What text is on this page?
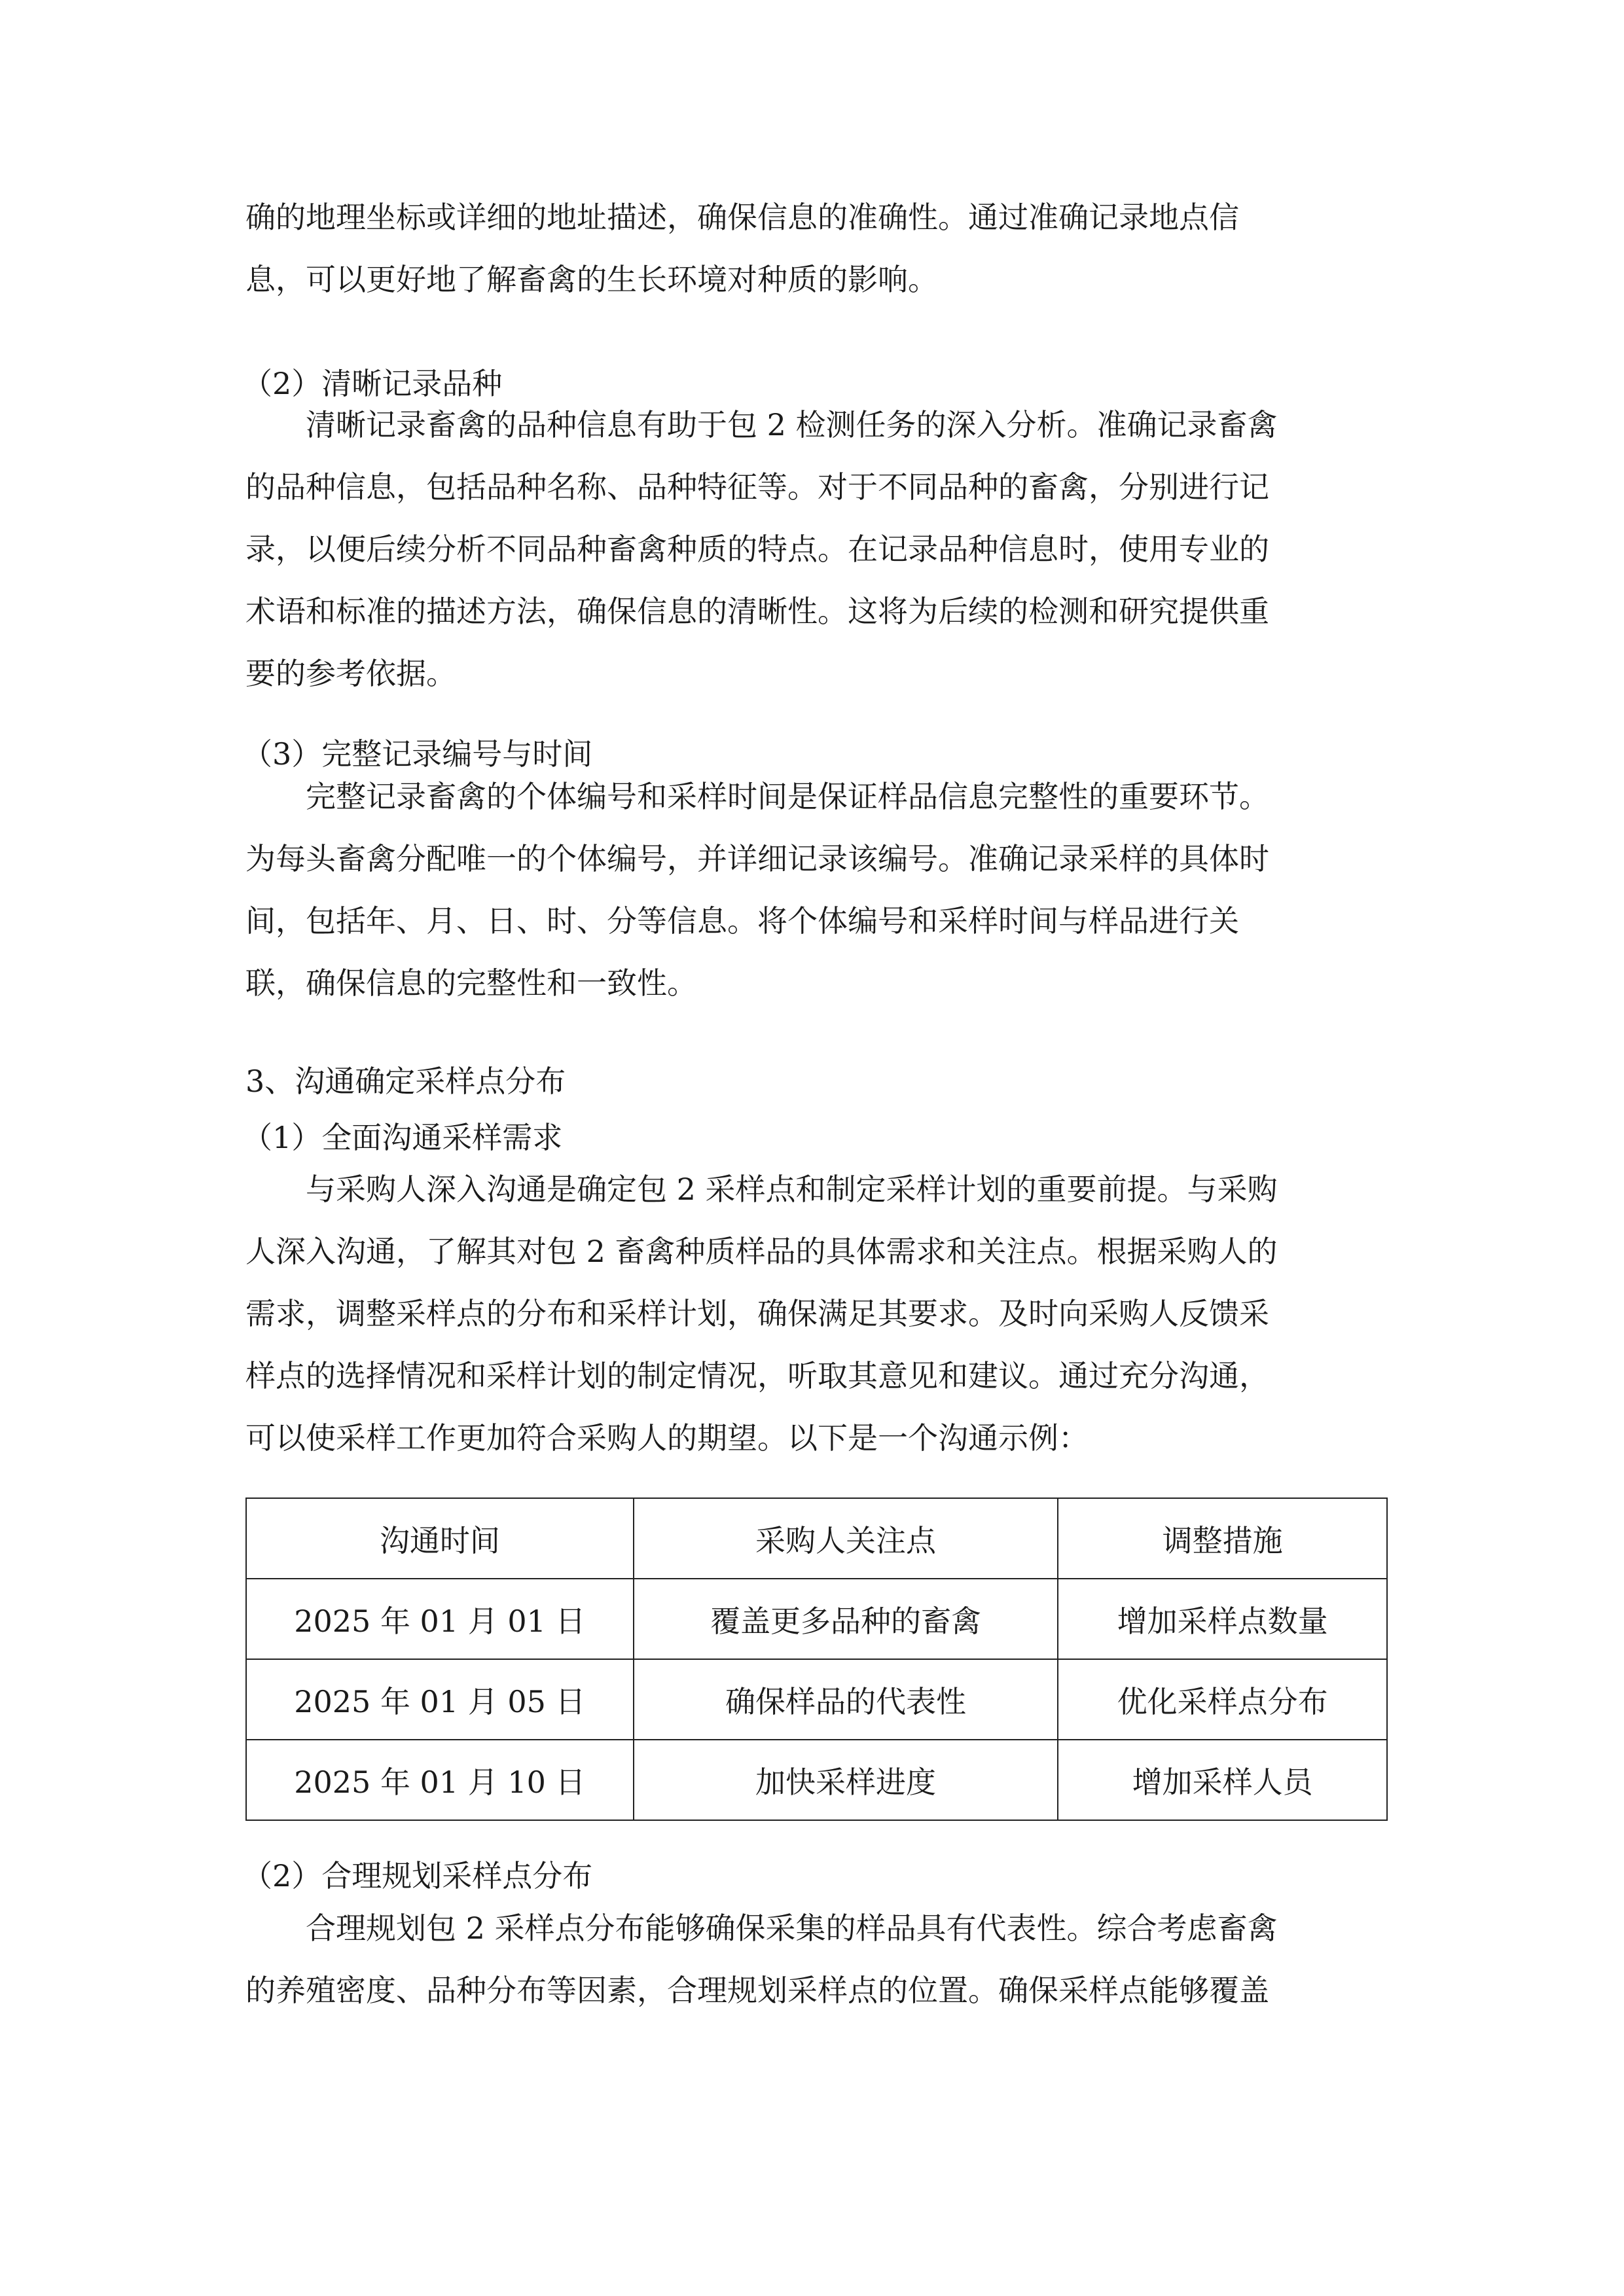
确的地理坐标或详细的地址描述，确保信息的准确性。通过准确记录地点信

息，可以更好地了解畜禽的生长环境对种质的影响。

（2）清晰记录品种

　　清晰记录畜禽的品种信息有助于包 2 检测任务的深入分析。准确记录畜禽

的品种信息，包括品种名称、品种特征等。对于不同品种的畜禽，分别进行记

录，以便后续分析不同品种畜禽种质的特点。在记录品种信息时，使用专业的

术语和标准的描述方法，确保信息的清晰性。这将为后续的检测和研究提供重

要的参考依据。

（3）完整记录编号与时间

　　完整记录畜禽的个体编号和采样时间是保证样品信息完整性的重要环节。

为每头畜禽分配唯一的个体编号，并详细记录该编号。准确记录采样的具体时

间，包括年、月、日、时、分等信息。将个体编号和采样时间与样品进行关

联，确保信息的完整性和一致性。

3、沟通确定采样点分布

（1）全面沟通采样需求

　　与采购人深入沟通是确定包 2 采样点和制定采样计划的重要前提。与采购

人深入沟通，了解其对包 2 畜禽种质样品的具体需求和关注点。根据采购人的

需求，调整采样点的分布和采样计划，确保满足其要求。及时向采购人反馈采

样点的选择情况和采样计划的制定情况，听取其意见和建议。通过充分沟通，

可以使采样工作更加符合采购人的期望。以下是一个沟通示例：

沟通时间	采购人关注点	调整措施
2025 年 01 月 01 日	覆盖更多品种的畜禽	增加采样点数量
2025 年 01 月 05 日	确保样品的代表性	优化采样点分布
2025 年 01 月 10 日	加快采样进度	增加采样人员

（2）合理规划采样点分布

　　合理规划包 2 采样点分布能够确保采集的样品具有代表性。综合考虑畜禽

的养殖密度、品种分布等因素，合理规划采样点的位置。确保采样点能够覆盖
